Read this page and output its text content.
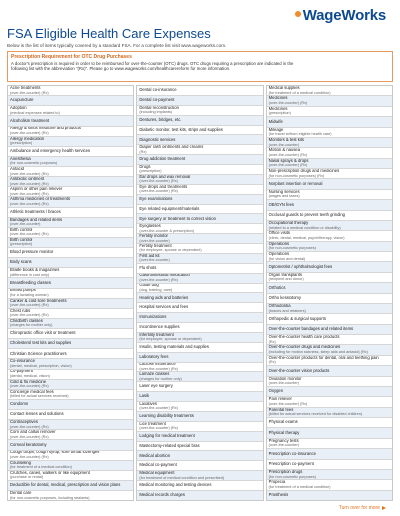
WageWorks
FSA Eligible Health Care Expenses
Below is the list of items typically covered by a standard FSA. For a complete list visit www.wageworks.com.
Prescription Requirement for OTC Drug Purchases
A doctor's prescription is required in order to be reimbursed for over-the-counter (OTC) drugs. OTC drugs requiring a prescription are indicated in the
following list with the abbreviation "(Rx)". Please go to www.wageworks.com/healthcarereform for more information.
Acne treatments
(over-the-counter) (Rx)
Acupuncture
Adoption
(medical expenses related to)
Alcoholism treatment
Allergy & sinus medicine and products
(over-the-counter) (Rx)
Allergy medication
(prescription)
Ambulance and emergency health services
Anesthesia
(for non-cosmetic purposes)
Antacid
(over-the-counter) (Rx)
Antibiotic ointment
(over-the-counter) (Rx)
Aspirin or other pain reliever
(over-the-counter) (Rx)
Asthma medicines or treatments
(over-the-counter) (Rx)
Athletic treatments / braces
Bandages and related items
(over-the-counter)
Birth control
(over-the-counter) (Rx)
Birth control
(prescription)
Blood pressure monitor
Body scans
Braille books & magazines
(difference in cost only)
Breastfeeding classes
Breast pumps
(for a lactating woman)
Canker & cold sore treatments
(over-the-counter) (Rx)
Chest rubs
(over-the-counter) (Rx)
Childbirth classes
(charges for mother only)
Chiropractic office visit or treatment
Cholesterol test kits and supplies
Christian Science practitioners
Co-insurance
(dental, medical, prescription, vision)
Co-payment
(dental, medical, vision)
Cold & flu medicine
(over-the-counter) (Rx)
Concierge medical fees
(billed for actual services received)
Condoms
Contact lenses and solutions
Contraceptives
(over-the-counter) (Rx)
Corn and callus remover
(over-the-counter) (Rx)
Corneal keratotomy
Cough drops, cough syrup, sore throat lozenges
(over-the-counter) (Rx)
Counseling
(for treatment of a medical condition)
Crutches, canes, walkers or like equipment
(purchase or rental)
Deductible for dental, medical, prescription and vision plans
Dental care
(for non-cosmetic purposes, including sealants)
Dental co-insurance
Dental co-payment
Dental reconstruction
(including implants)
Dentures, bridges, etc.
Diabetic monitor, test kits, strips and supplies
Diagnostic services
Diaper rash ointments and creams
(Rx)
Drug addiction treatment
Drugs
(prescription)
Ear drops and wax removal
(over-the-counter) (Rx)
Eye drops and treatments
(over-the-counter) (Rx)
Eye examinations
Eye related equipment/materials
Eye surgery or treatment to correct vision
Eyeglasses
(over-the-counter & prescription)
Fertility monitor
(over-the-counter)
Fertility treatment
(for employee, spouse or dependent)
First aid kit
(over-the-counter)
Flu shots
Gastrointestinal medication
(over-the-counter) (Rx)
Guide dog
(dog, training, care)
Hearing aids and batteries
Hospital services and fees
Immunizations
Incontinence supplies
Infertility treatment
(for employee, spouse or dependent)
Insulin, testing materials and supplies
Laboratory fees
Lactose intolerance
(over-the-counter) (Rx)
Lamaze classes
(charges for mother only)
Laser eye surgery
Lasik
Laxatives
(over-the-counter) (Rx)
Learning disability treatments
Lice treatment
(over-the-counter) (Rx)
Lodging for medical treatment
Mastectomy-related special bras
Medical abortion
Medical co-payment
Medical equipment
(for treatment of medical condition and prescribed)
Medical monitoring and testing devices
Medical records charges
Medical supplies
(for treatment of a medical condition)
Medicines
(over-the-counter) (Rx)
Medicines
(prescription)
Midwife
Mileage
(for travel to/from eligible health care)
Monitors & test kits
(over-the-counter)
Motion & nausea
(over-the-counter) (Rx)
Nasal sprays & drops
(over-the-counter) (Rx)
Non-prescription drugs and medicines
(for non-cosmetic purposes) (Rx)
Norplant insertion or removal
Nursing services
(wages and taxes)
OB/GYN fees
Occlusal guards to prevent teeth grinding
Occupational therapy
(related to a medical condition or disability)
Office visits
(clinic, dental, medical, psych/therapy, vision)
Operations
(for non-cosmetic purposes)
Operations
(for vision and dental)
Optometrist / ophthalmologist fees
Organ transplants
(recipient and donor)
Orthotics
Ortho keratotomy
Orthodontia
(braces and retainers)
Orthopedic & surgical supports
Over-the-counter bandages and related items
Over-the-counter health care products
(Rx)
Over-the-counter drugs and medicines
(including for motion sickness, sleep aids and antacid) (Rx)
Over-the-counter products for dental, oral and teething pain
(Rx)
Over-the-counter vision products
Ovulation monitor
(over-the-counter)
Oxygen
Pain reliever
(over-the-counter) (Rx)
Parental fees
(billed for actual services received for disabled children)
Physical exams
Physical therapy
Pregnancy tests
(over-the-counter)
Prescription co-insurance
Prescription co-payment
Prescription drugs
(for non-cosmetic purposes)
Propecia
(for treatment of a medical condition)
Prosthesis
Turn over for more
